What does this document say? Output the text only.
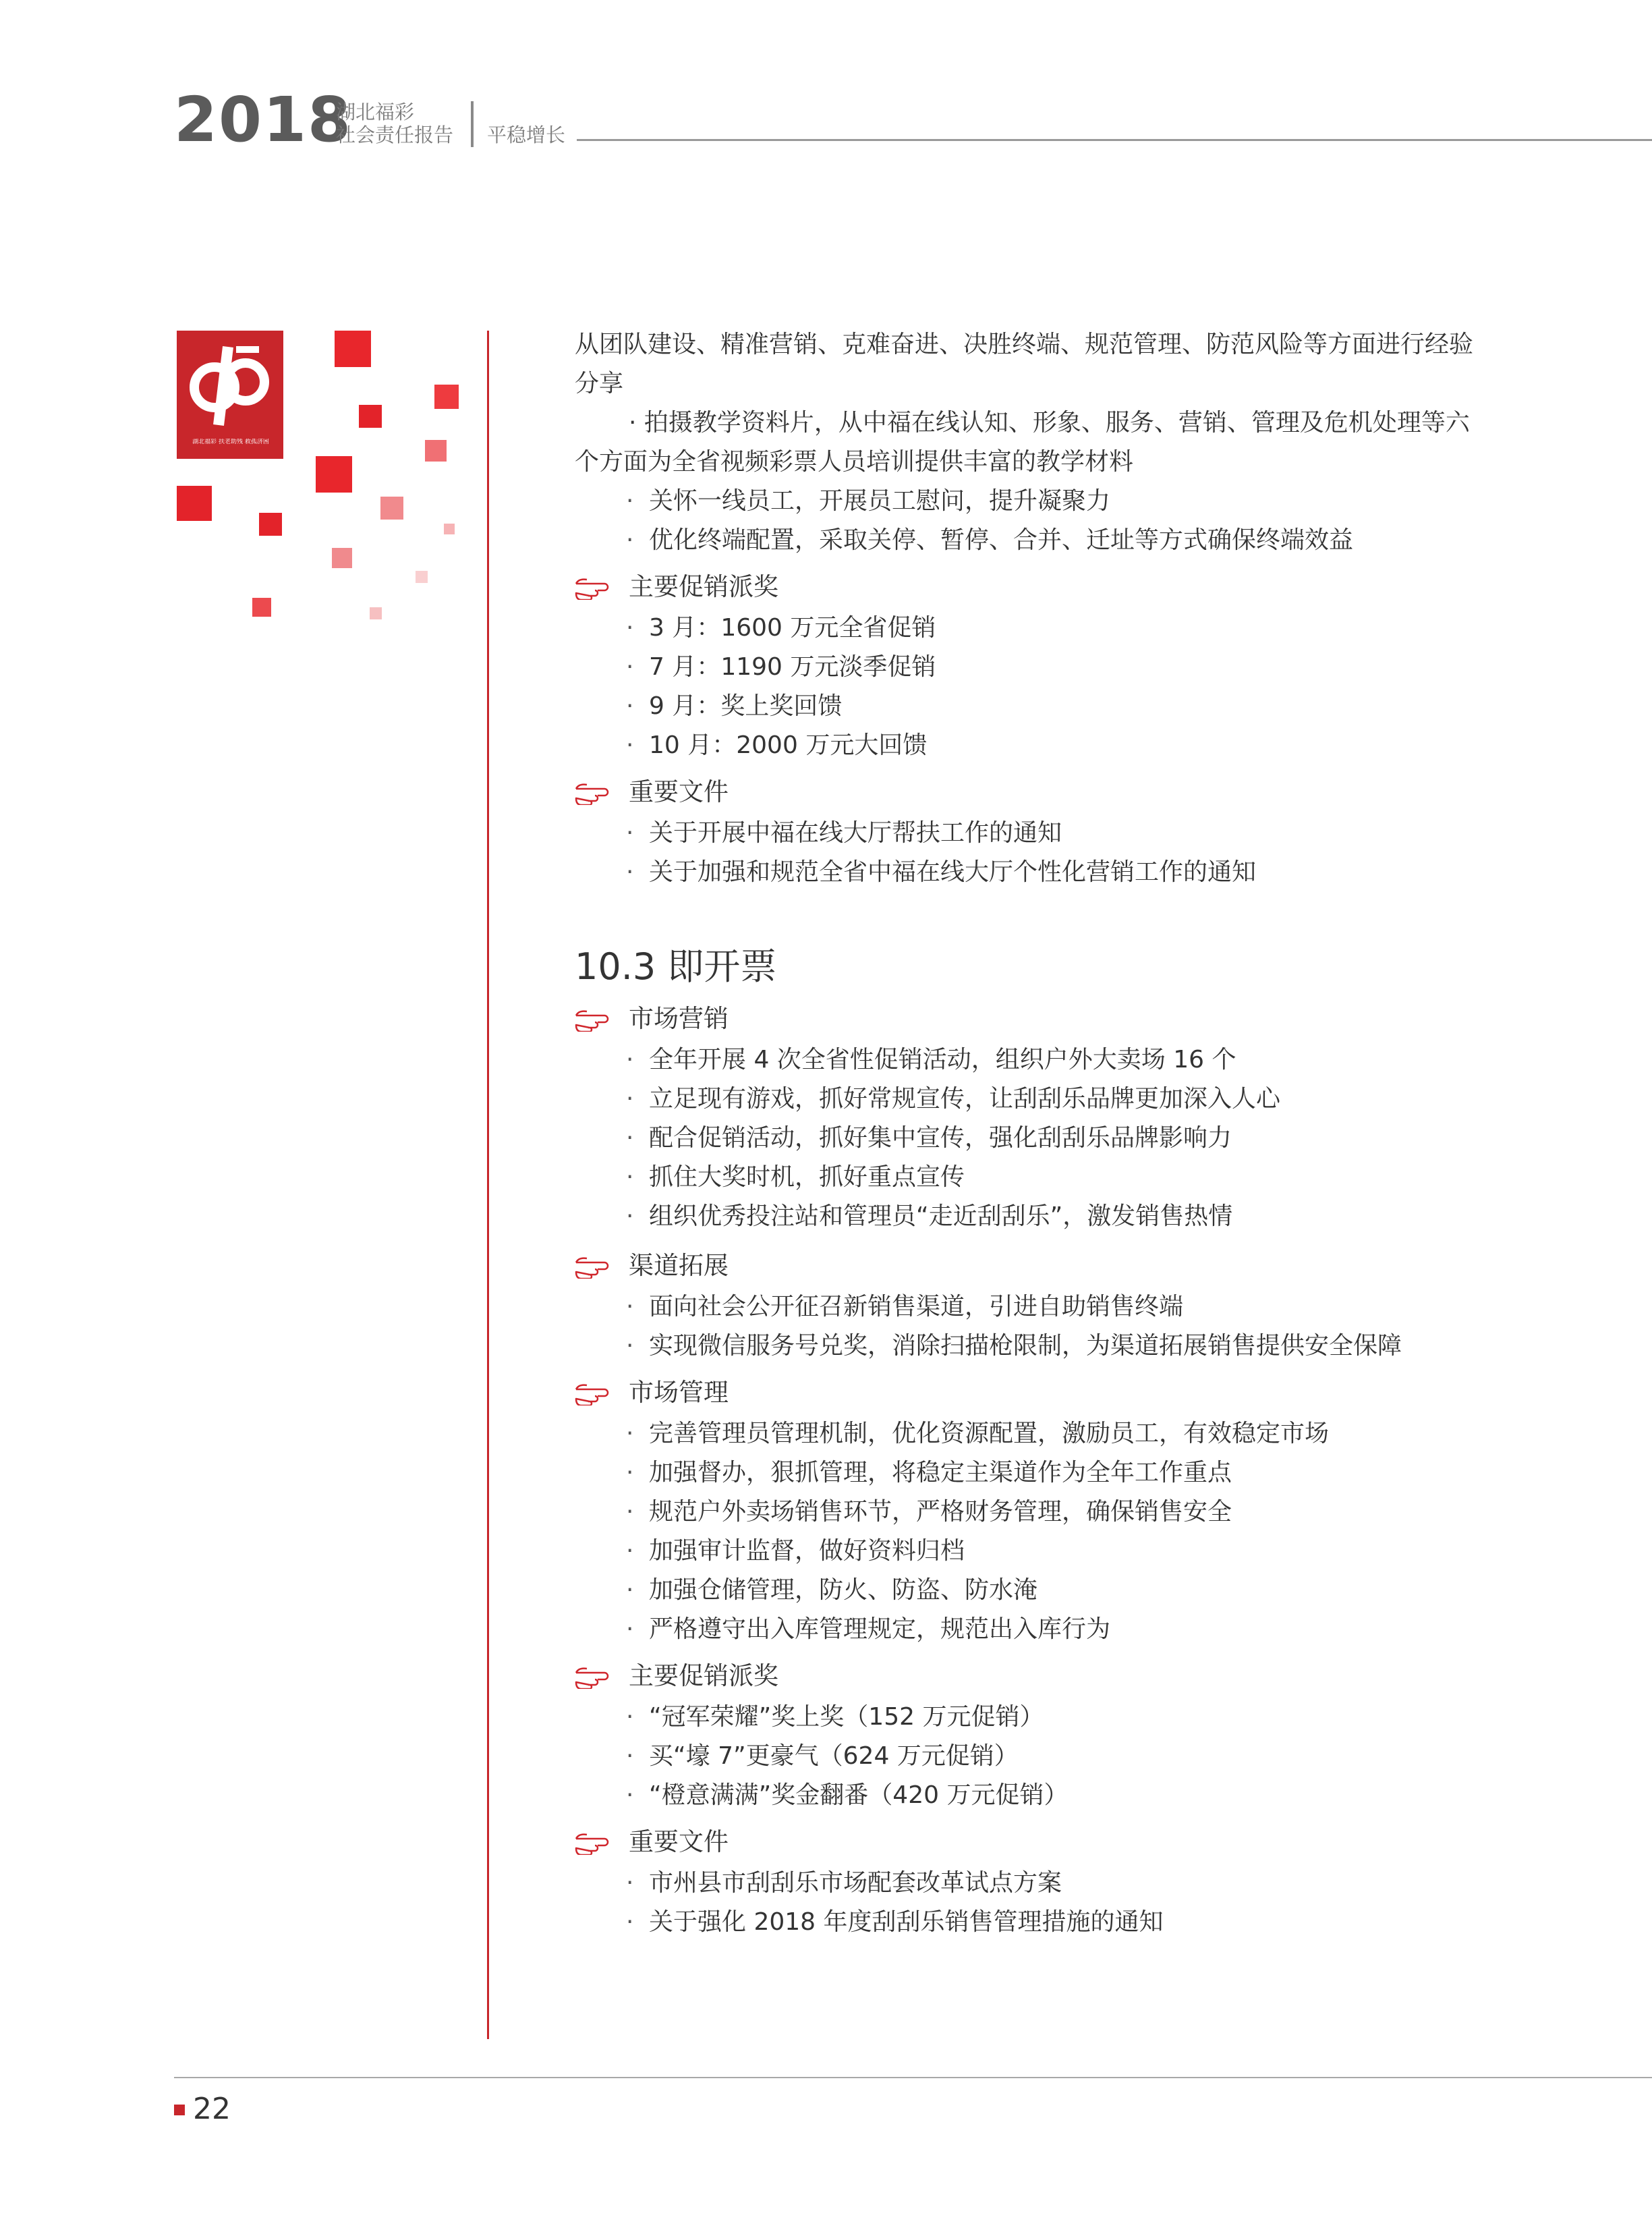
2018
湖北福彩
社会责任报告 平稳增长
湖北福彩 扶老助残 救孤济困
从团队建设、精准营销、克难奋进、决胜终端、规范管理、防范风险等方面进行经验分享
· 拍摄教学资料片，从中福在线认知、形象、服务、营销、管理及危机处理等六个方面为全省视频彩票人员培训提供丰富的教学材料
· 关怀一线员工，开展员工慰问，提升凝聚力
· 优化终端配置，采取关停、暂停、合并、迁址等方式确保终端效益
主要促销派奖
· 3 月：1600 万元全省促销
· 7 月：1190 万元淡季促销
· 9 月：奖上奖回馈
· 10 月：2000 万元大回馈
重要文件
· 关于开展中福在线大厅帮扶工作的通知
· 关于加强和规范全省中福在线大厅个性化营销工作的通知
10.3 即开票
市场营销
· 全年开展 4 次全省性促销活动，组织户外大卖场 16 个
· 立足现有游戏，抓好常规宣传，让刮刮乐品牌更加深入人心
· 配合促销活动，抓好集中宣传，强化刮刮乐品牌影响力
· 抓住大奖时机，抓好重点宣传
· 组织优秀投注站和管理员“走近刮刮乐”，激发销售热情
渠道拓展
· 面向社会公开征召新销售渠道，引进自助销售终端
· 实现微信服务号兑奖，消除扫描枪限制，为渠道拓展销售提供安全保障
市场管理
· 完善管理员管理机制，优化资源配置，激励员工，有效稳定市场
· 加强督办，狠抓管理，将稳定主渠道作为全年工作重点
· 规范户外卖场销售环节，严格财务管理，确保销售安全
· 加强审计监督，做好资料归档
· 加强仓储管理，防火、防盗、防水淹
· 严格遵守出入库管理规定，规范出入库行为
主要促销派奖
· “冠军荣耀”奖上奖（152 万元促销）
· 买“壕 7”更豪气（624 万元促销）
· “橙意满满”奖金翻番（420 万元促销）
重要文件
· 市州县市刮刮乐市场配套改革试点方案
· 关于强化 2018 年度刮刮乐销售管理措施的通知
22
